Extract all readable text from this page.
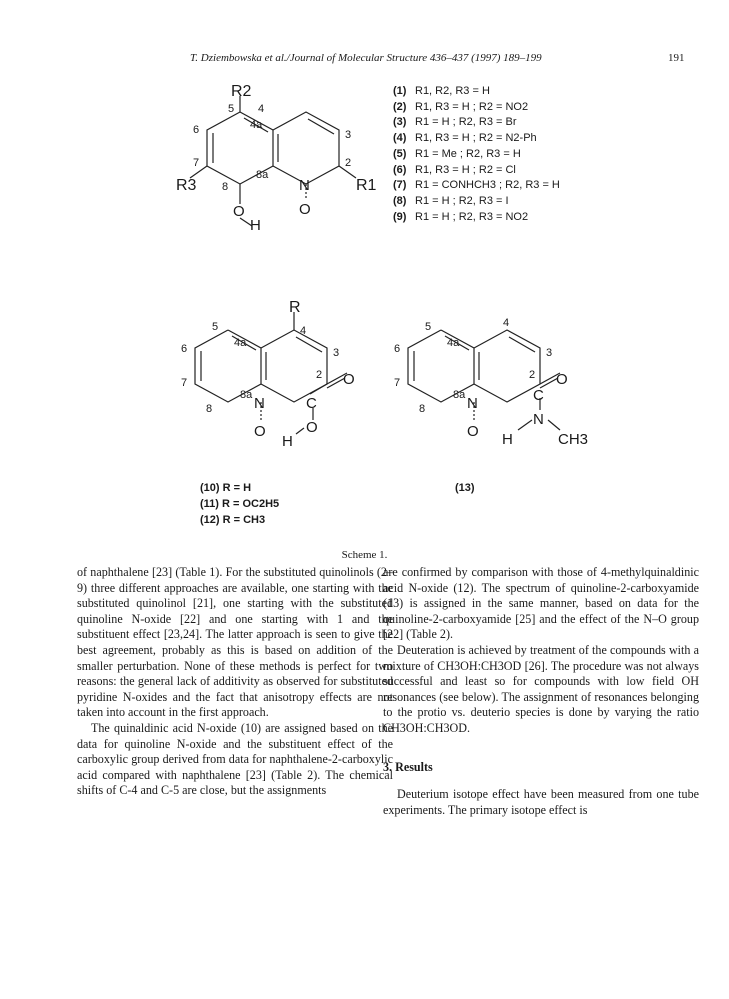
T. Dziembowska et al./Journal of Molecular Structure 436–437 (1997) 189–199	191
R2
5 4
4a
6	3
7	2
8
8a
R3	R1
N
O
O
H
R
5	4
4a
6	3
2
7
8a
8	N	C
O
O	O
H
5	4
4a
6	3
2
7
8a
8	N	C
O
O
N
H	CH3
(10) R = H
(11) R = OC2H5
(12) R = CH3
(13)
(1) R1, R2, R3 = H
(2) R1, R3 = H ; R2 = NO2
(3) R1 = H ; R2, R3 = Br
(4) R1, R3 = H ; R2 = N2-Ph
(5) R1 = Me ; R2, R3 = H
(6) R1, R3 = H ; R2 = Cl
(7) R1 = CONHCH3 ; R2, R3 = H
(8) R1 = H ; R2, R3 = I
(9) R1 = H ; R2, R3 = NO2
Scheme 1.

of naphthalene [23] (Table 1). For the substituted quinolinols (2–9) three different approaches are available, one starting with the substituted quinolinol [21], one starting with the substituted quinoline N-oxide [22] and one starting with 1 and the substituent effect [23,24]. The latter approach is seen to give the best agreement, probably as this is based on addition of the smaller perturbation. None of these methods is perfect for two reasons: the general lack of additivity as observed for substituted pyridine N-oxides and the fact that anisotropy effects are not taken into account in the first approach.

The quinaldinic acid N-oxide (10) are assigned based on the data for quinoline N-oxide and the substituent effect of the carboxylic group derived from data for naphthalene-2-carboxylic acid compared with naphthalene [23] (Table 2). The chemical shifts of C-4 and C-5 are close, but the assignments

are confirmed by comparison with those of 4-methylquinaldinic acid N-oxide (12). The spectrum of quinoline-2-carboxyamide (13) is assigned in the same manner, based on data for the quinoline-2-carboxyamide [25] and the effect of the N–O group [22] (Table 2).

Deuteration is achieved by treatment of the compounds with a mixture of CH3OH:CH3OD [26]. The procedure was not always successful and least so for compounds with low field OH resonances (see below). The assignment of resonances belonging to the protio vs. deuterio species is done by varying the ratio CH3OH:CH3OD.

3. Results

Deuterium isotope effect have been measured from one tube experiments. The primary isotope effect is
